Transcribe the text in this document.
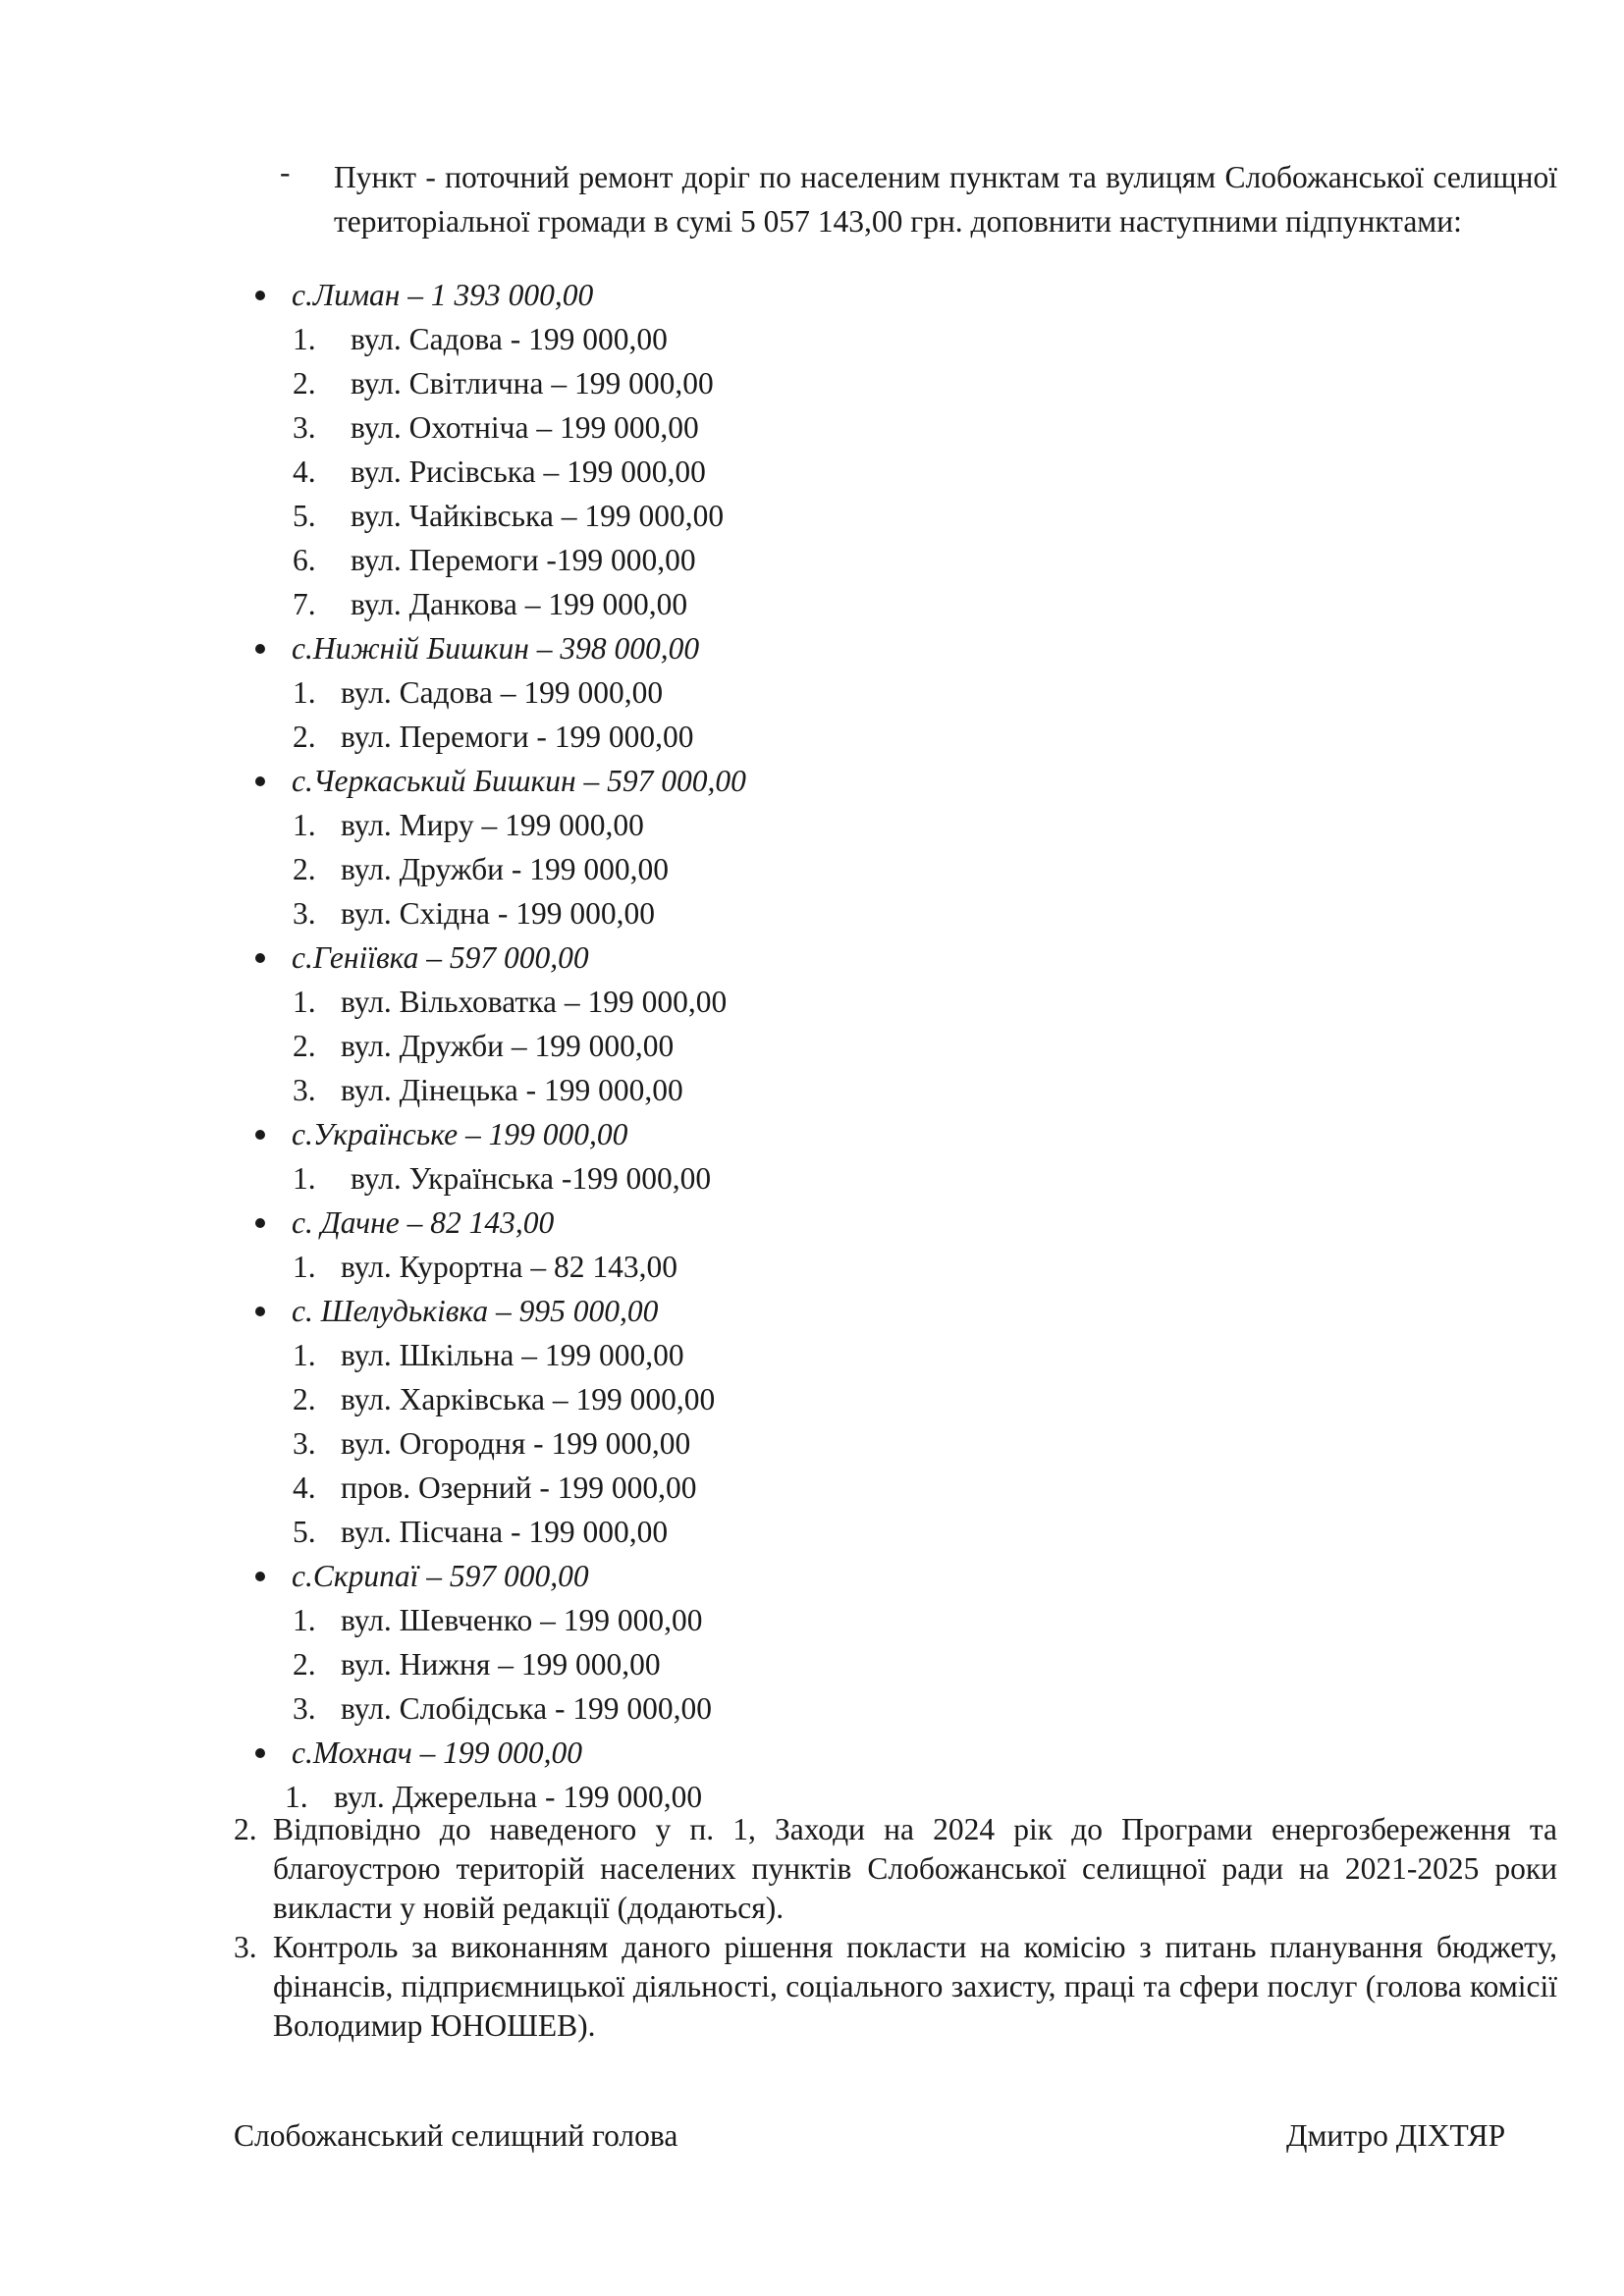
- Пункт - поточний ремонт доріг по населеним пунктам та вулицям Слобожанської селищної територіальної громади в сумі 5 057 143,00 грн. доповнити наступними підпунктами:
с.Лиман – 1 393 000,00
1. вул. Садова - 199 000,00
2. вул. Світлична – 199 000,00
3. вул. Охотніча – 199 000,00
4. вул. Рисівська – 199 000,00
5. вул. Чайківська – 199 000,00
6. вул. Перемоги -199 000,00
7. вул. Данкова – 199 000,00
с.Нижній Бишкин – 398 000,00
1. вул. Садова – 199 000,00
2. вул. Перемоги - 199 000,00
с.Черкаський Бишкин – 597 000,00
1. вул. Миру – 199 000,00
2. вул. Дружби - 199 000,00
3. вул. Східна - 199 000,00
с.Геніївка – 597 000,00
1. вул. Вільховатка – 199 000,00
2. вул. Дружби – 199 000,00
3. вул. Дінецька - 199 000,00
с.Українське – 199 000,00
1. вул. Українська -199 000,00
с. Дачне – 82 143,00
1. вул. Курортна – 82 143,00
с. Шелудьківка – 995 000,00
1. вул. Шкільна – 199 000,00
2. вул. Харківська – 199 000,00
3. вул. Огородня - 199 000,00
4. пров. Озерний - 199 000,00
5. вул. Пісчана - 199 000,00
с.Скрипаї – 597 000,00
1. вул. Шевченко – 199 000,00
2. вул. Нижня – 199 000,00
3. вул. Слобідська - 199 000,00
с.Мохнач – 199 000,00
1. вул. Джерельна - 199 000,00
2. Відповідно до наведеного у п. 1, Заходи на 2024 рік до Програми енергозбереження та благоустрою територій населених пунктів Слобожанської селищної ради на 2021-2025 роки викласти у новій редакції (додаються).
3. Контроль за виконанням даного рішення покласти на комісію з питань планування бюджету, фінансів, підприємницької діяльності, соціального захисту, праці та сфери послуг (голова комісії Володимир ЮНОШЕВ).
Слобожанський селищний голова	Дмитро ДІХТЯР
